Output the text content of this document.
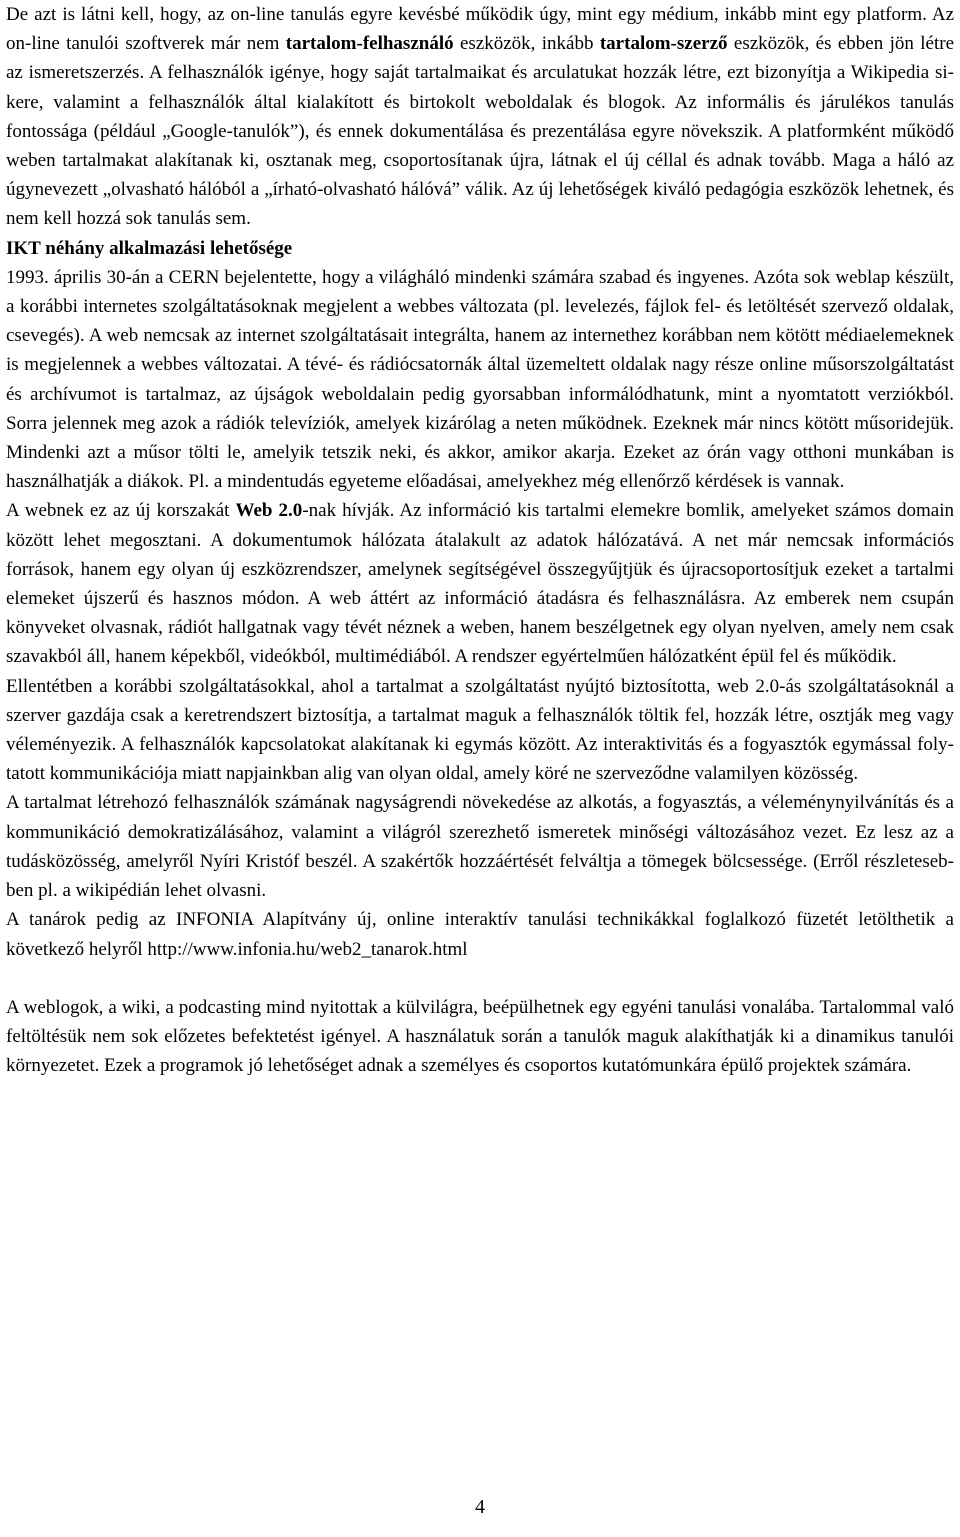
De azt is látni kell, hogy, az on-line tanulás egyre kevésbé működik úgy, mint egy médium, inkább mint egy platform. Az on-line tanulói szoftverek már nem tartalom-felhasználó eszközök, inkább tartalom-szerző eszközök, és ebben jön létre az ismeretszerzés. A felhasználók igénye, hogy saját tartalmaikat és arculatukat hozzák létre, ezt bizonyítja a Wikipedia sikere, valamint a felhasználók által kialakított és birtokolt weboldalak és blogok. Az informális és járulékos tanulás fontossága (például „Google-tanulók”), és ennek dokumentálása és prezentálása egyre növekszik. A platformként működő weben tartalmakat alakítanak ki, osztanak meg, csoportosítanak újra, látnak el új céllal és adnak tovább. Maga a háló az úgynevezett „olvasható hálóból a „írható-olvasható hálóvá” válik. Az új lehetőségek kiváló pedagógia eszközök lehetnek, és nem kell hozzá sok tanulás sem.

IKT néhány alkalmazási lehetősége

1993. április 30-án a CERN bejelentette, hogy a világháló mindenki számára szabad és ingyenes. Azóta sok weblap készült, a korábbi internetes szolgáltatásoknak megjelent a webbes változata (pl. levelezés, fájlok fel- és letöltését szervező oldalak, csevegés). A web nemcsak az internet szolgáltatásait integrálta, hanem az internethez korábban nem kötött médiaelemeknek is megjelennek a webbes változatai. A tévé- és rádiócsatornák által üzemeltett oldalak nagy része online műsorszolgáltatást és archívumot is tartalmaz, az újságok weboldalain pedig gyorsabban informálódhatunk, mint a nyomtatott verziókból. Sorra jelennek meg azok a rádiók televíziók, amelyek kizárólag a neten működnek. Ezeknek már nincs kötött műsoridejük. Mindenki azt a műsor tölti le, amelyik tetszik neki, és akkor, amikor akarja. Ezeket az órán vagy otthoni munkában is használhatják a diákok. Pl. a mindentudás egyeteme előadásai, amelyekhez még ellenőrző kérdések is vannak.

A webnek ez az új korszakát Web 2.0-nak hívják. Az információ kis tartalmi elemekre bomlik, amelyeket számos domain között lehet megosztani. A dokumentumok hálózata átalakult az adatok hálózatává. A net már nemcsak információs források, hanem egy olyan új eszközrendszer, amelynek segítségével összegyűjtjük és újracsoportosítjuk ezeket a tartalmi elemeket újszerű és hasznos módon. A web áttért az információ átadásra és felhasználásra. Az emberek nem csupán könyveket olvasnak, rádiót hallgatnak vagy tévét néznek a weben, hanem beszélgetnek egy olyan nyelven, amely nem csak szavakból áll, hanem képekből, videókból, multimédiából. A rendszer egyértelműen hálózatként épül fel és működik.

Ellentétben a korábbi szolgáltatásokkal, ahol a tartalmat a szolgáltatást nyújtó biztosította, web 2.0-ás szolgáltatásoknál a szerver gazdája csak a keretrendszert biztosítja, a tartalmat maguk a felhasználók töltik fel, hozzák létre, osztják meg vagy véleményezik. A felhasználók kapcsolatokat alakítanak ki egymás között. Az interaktivitás és a fogyasztók egymással folytatott kommunikációja miatt napjainkban alig van olyan oldal, amely köré ne szerveződne valamilyen közösség.

A tartalmat létrehozó felhasználók számának nagyságrendi növekedése az alkotás, a fogyasztás, a véleménynyilvánítás és a kommunikáció demokratizálásához, valamint a világról szerezhető ismeretek minőségi változásához vezet. Ez lesz az a tudásközösség, amelyről Nyíri Kristóf beszél. A szakértők hozzáértését felváltja a tömegek bölcsessége. (Erről részletesebben pl. a wikipédián lehet olvasni.

A tanárok pedig az INFONIA Alapítvány új, online interaktív tanulási technikákkal foglalkozó füzetét letölthetik a következő helyről http://www.infonia.hu/web2_tanarok.html

A weblogok, a wiki, a podcasting mind nyitottak a külvilágra, beépülhetnek egy egyéni tanulási vonalába. Tartalommal való feltöltésük nem sok előzetes befektetést igényel. A használatuk során a tanulók maguk alakíthatják ki a dinamikus tanulói környezetet. Ezek a programok jó lehetőséget adnak a személyes és csoportos kutatómunkára épülő projektek számára.

4
